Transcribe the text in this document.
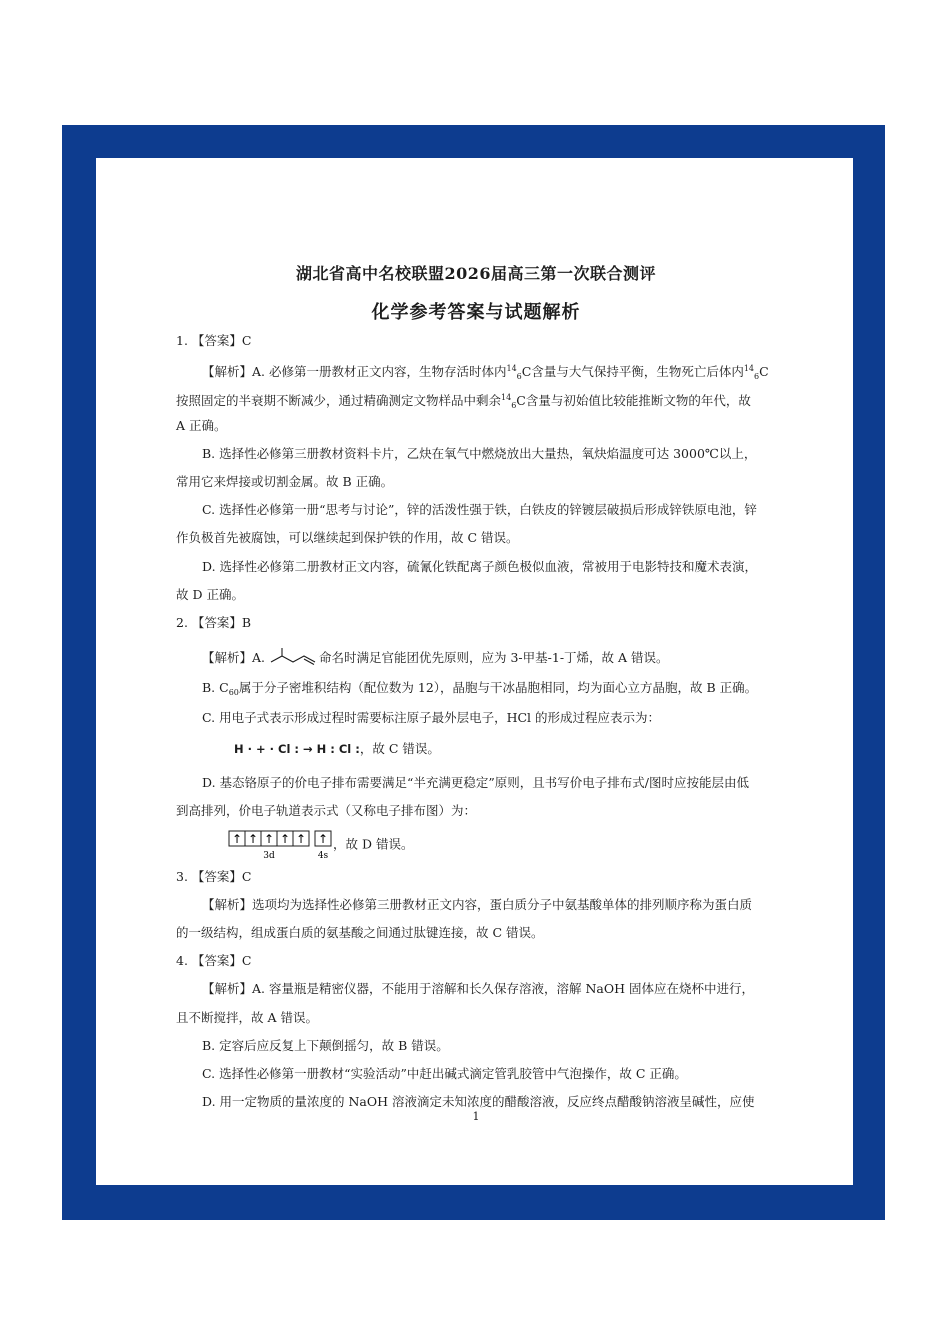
湖北省高中名校联盟2026届高三第一次联合测评
化学参考答案与试题解析
1. 【答案】C
【解析】A. 必修第一册教材正文内容，生物存活时体内$^{14}_6$C含量与大气保持平衡，生物死亡后体内$^{14}_6$C
按照固定的半衰期不断减少，通过精确测定文物样品中剩余$^{14}_6$C含量与初始值比较能推断文物的年代，故
A 正确。
B. 选择性必修第三册教材资料卡片，乙炔在氧气中燃烧放出大量热，氧炔焰温度可达 3000℃以上，
常用它来焊接或切割金属。故 B 正确。
C. 选择性必修第一册“思考与讨论”，锌的活泼性强于铁，白铁皮的锌镀层破损后形成锌铁原电池，锌
作负极首先被腐蚀，可以继续起到保护铁的作用，故 C 错误。
D. 选择性必修第二册教材正文内容，硫氰化铁配离子颜色极似血液，常被用于电影特技和魔术表演，
故 D 正确。
2. 【答案】B
【解析】A.	命名时满足官能团优先原则，应为 3-甲基-1-丁烯，故 A 错误。
B. $C_{60}$属于分子密堆积结构（配位数为 12），晶胞与干冰晶胞相同，均为面心立方晶胞，故 B 正确。
C. 用电子式表示形成过程时需要标注原子最外层电子，HCl 的形成过程应表示为：
H · + · Cl : → H : Cl :，故 C 错误。
D. 基态铬原子的价电子排布需要满足“半充满更稳定”原则，且书写价电子排布式/图时应按能层由低
到高排列，价电子轨道表示式（又称电子排布图）为：
↑ ↑ ↑ ↑ ↑ ↑
3d	4s
，故 D 错误。
3. 【答案】C
【解析】选项均为选择性必修第三册教材正文内容，蛋白质分子中氨基酸单体的排列顺序称为蛋白质
的一级结构，组成蛋白质的氨基酸之间通过肽键连接，故 C 错误。
4. 【答案】C
【解析】A. 容量瓶是精密仪器，不能用于溶解和长久保存溶液，溶解 NaOH 固体应在烧杯中进行，
且不断搅拌，故 A 错误。
B. 定容后应反复上下颠倒摇匀，故 B 错误。
C. 选择性必修第一册教材“实验活动”中赶出碱式滴定管乳胶管中气泡操作，故 C 正确。
D. 用一定物质的量浓度的 NaOH 溶液滴定未知浓度的醋酸溶液，反应终点醋酸钠溶液呈碱性，应使
1
